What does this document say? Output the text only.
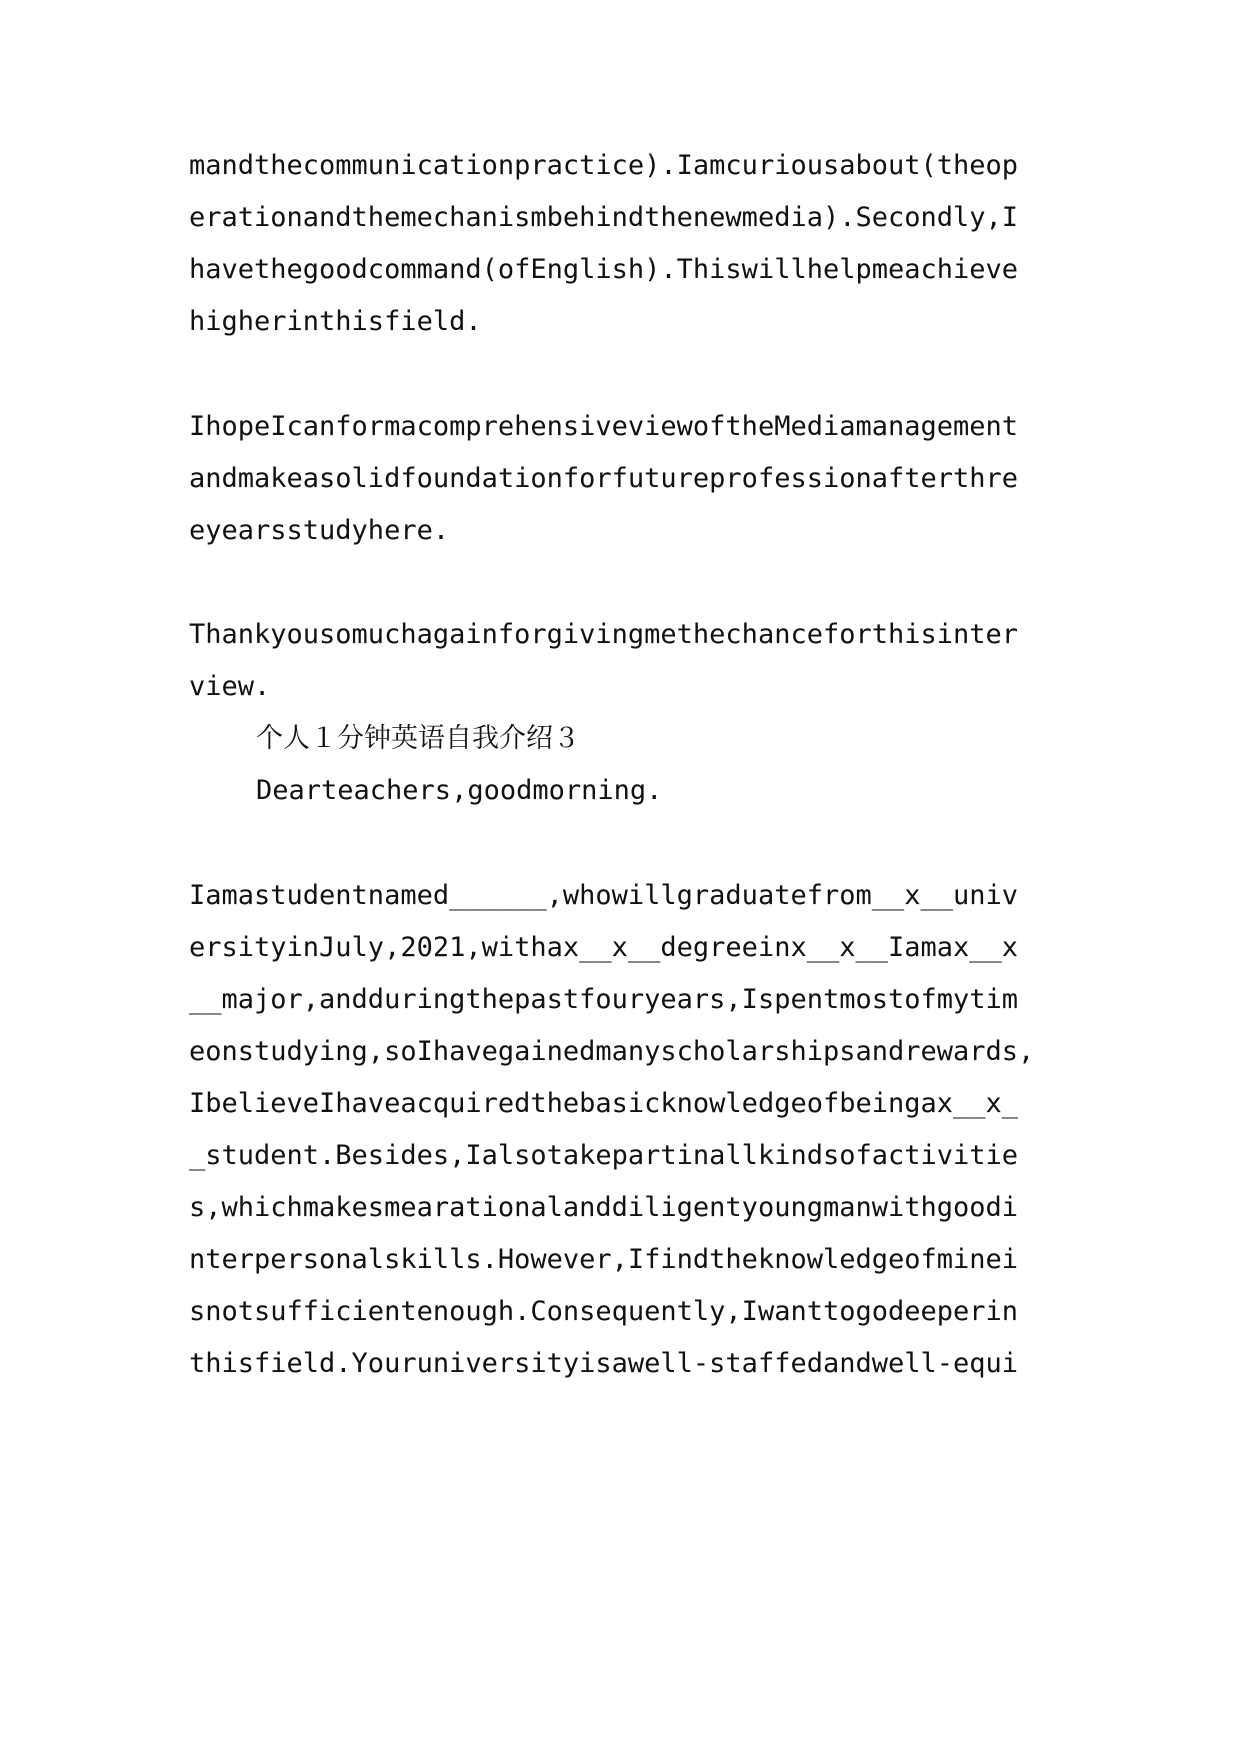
mandthecommunicationpractice).Iamcuriousabout(theop
erationandthemechanismbehindthenewmedia).Secondly,I
havethegoodcommand(ofEnglish).Thiswillhelpmeachieve
higherinthisfield.
IhopeIcanformacomprehensiveviewoftheMediamanagement
andmakeasolidfoundationforfutureprofessionafterthre
eyearsstudyhere.
Thankyousomuchagainforgivingmethechanceforthisinter
view.
个人１分钟英语自我介绍３
Dearteachers,goodmorning.
Iamastudentnamed______,whowillgraduatefrom__x__univ
ersityinJuly,2021,withax__x__degreeinx__x__Iamax__x
__major,andduringthepastfouryears,Ispentmostofmytim
eonstudying,soIhavegainedmanyscholarshipsandrewards,
IbelieveIhaveacquiredthebasicknowledgeofbeingax__x_
_student.Besides,Ialsotakepartinallkindsofactivitie
s,whichmakesmearationalanddiligentyoungmanwithgoodi
nterpersonalskills.However,Ifindtheknowledgeofminei
snotsufficientenough.Consequently,Iwanttogodeeperin
thisfield.Youruniversityisawell-staffedandwell-equi
